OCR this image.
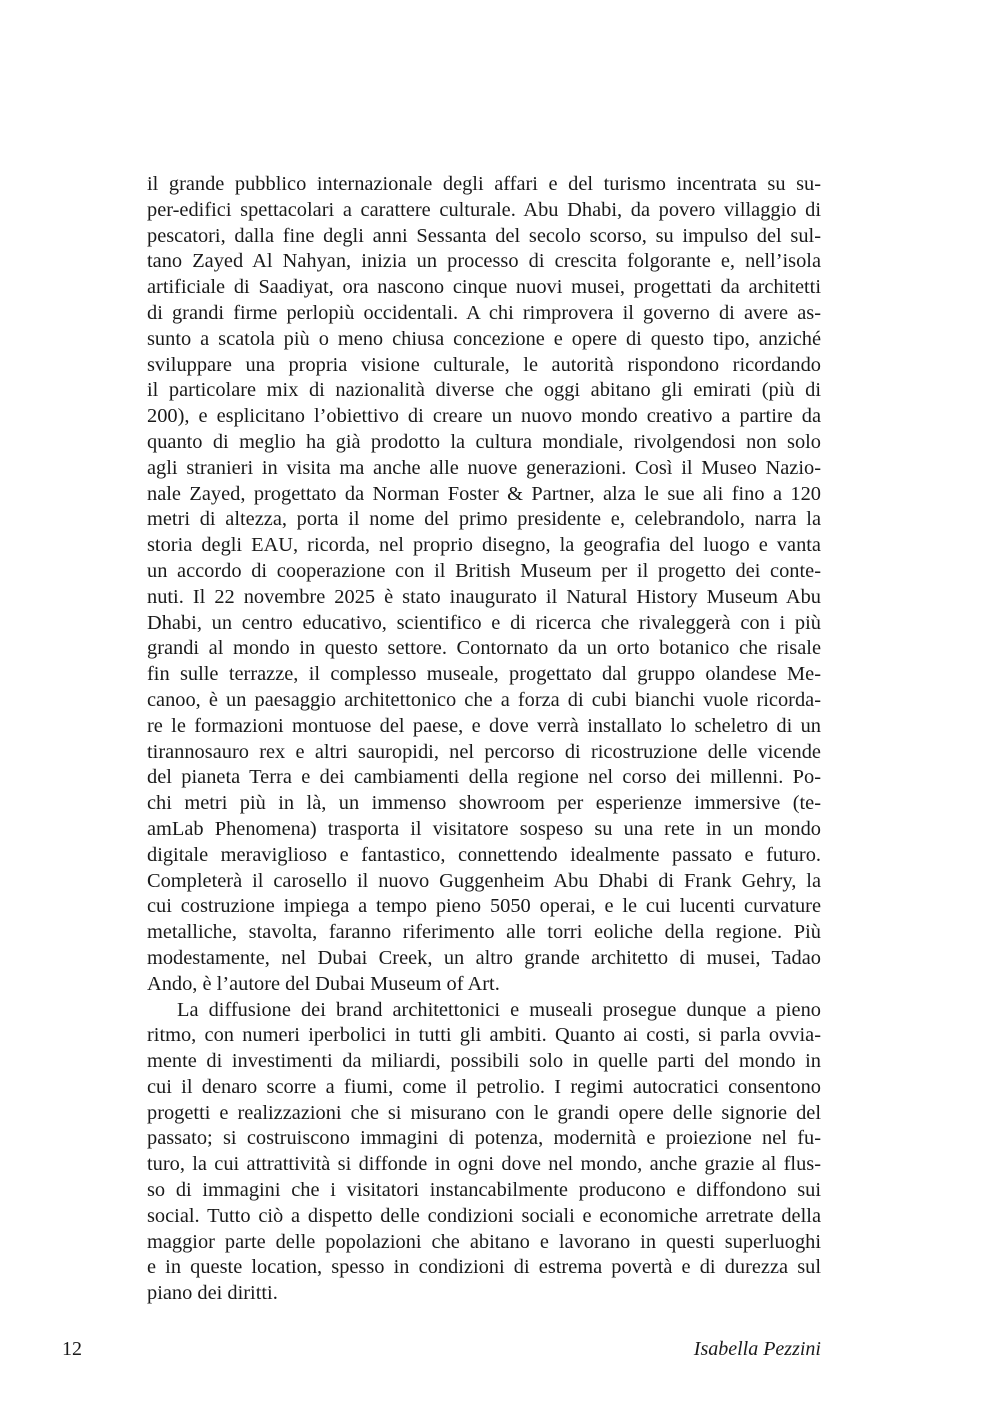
il grande pubblico internazionale degli affari e del turismo incentrata su su-
per-edifici spettacolari a carattere culturale. Abu Dhabi, da povero villaggio di
pescatori, dalla fine degli anni Sessanta del secolo scorso, su impulso del sul-
tano Zayed Al Nahyan, inizia un processo di crescita folgorante e, nell’isola
artificiale di Saadiyat, ora nascono cinque nuovi musei, progettati da architetti
di grandi firme perlopiù occidentali. A chi rimprovera il governo di avere as-
sunto a scatola più o meno chiusa concezione e opere di questo tipo, anziché
sviluppare una propria visione culturale, le autorità rispondono ricordando
il particolare mix di nazionalità diverse che oggi abitano gli emirati (più di
200), e esplicitano l’obiettivo di creare un nuovo mondo creativo a partire da
quanto di meglio ha già prodotto la cultura mondiale, rivolgendosi non solo
agli stranieri in visita ma anche alle nuove generazioni. Così il Museo Nazio-
nale Zayed, progettato da Norman Foster & Partner, alza le sue ali fino a 120
metri di altezza, porta il nome del primo presidente e, celebrandolo, narra la
storia degli EAU, ricorda, nel proprio disegno, la geografia del luogo e vanta
un accordo di cooperazione con il British Museum per il progetto dei conte-
nuti. Il 22 novembre 2025 è stato inaugurato il Natural History Museum Abu
Dhabi, un centro educativo, scientifico e di ricerca che rivaleggerà con i più
grandi al mondo in questo settore. Contornato da un orto botanico che risale
fin sulle terrazze, il complesso museale, progettato dal gruppo olandese Me-
canoo, è un paesaggio architettonico che a forza di cubi bianchi vuole ricorda-
re le formazioni montuose del paese, e dove verrà installato lo scheletro di un
tirannosauro rex e altri sauropidi, nel percorso di ricostruzione delle vicende
del pianeta Terra e dei cambiamenti della regione nel corso dei millenni. Po-
chi metri più in là, un immenso showroom per esperienze immersive (te-
amLab Phenomena) trasporta il visitatore sospeso su una rete in un mondo
digitale meraviglioso e fantastico, connettendo idealmente passato e futuro.
Completerà il carosello il nuovo Guggenheim Abu Dhabi di Frank Gehry, la
cui costruzione impiega a tempo pieno 5050 operai, e le cui lucenti curvature
metalliche, stavolta, faranno riferimento alle torri eoliche della regione. Più
modestamente, nel Dubai Creek, un altro grande architetto di musei, Tadao
Ando, è l’autore del Dubai Museum of Art.
La diffusione dei brand architettonici e museali prosegue dunque a pieno
ritmo, con numeri iperbolici in tutti gli ambiti. Quanto ai costi, si parla ovvia-
mente di investimenti da miliardi, possibili solo in quelle parti del mondo in
cui il denaro scorre a fiumi, come il petrolio. I regimi autocratici consentono
progetti e realizzazioni che si misurano con le grandi opere delle signorie del
passato; si costruiscono immagini di potenza, modernità e proiezione nel fu-
turo, la cui attrattività si diffonde in ogni dove nel mondo, anche grazie al flus-
so di immagini che i visitatori instancabilmente producono e diffondono sui
social. Tutto ciò a dispetto delle condizioni sociali e economiche arretrate della
maggior parte delle popolazioni che abitano e lavorano in questi superluoghi
e in queste location, spesso in condizioni di estrema povertà e di durezza sul
piano dei diritti.
12	Isabella Pezzini
